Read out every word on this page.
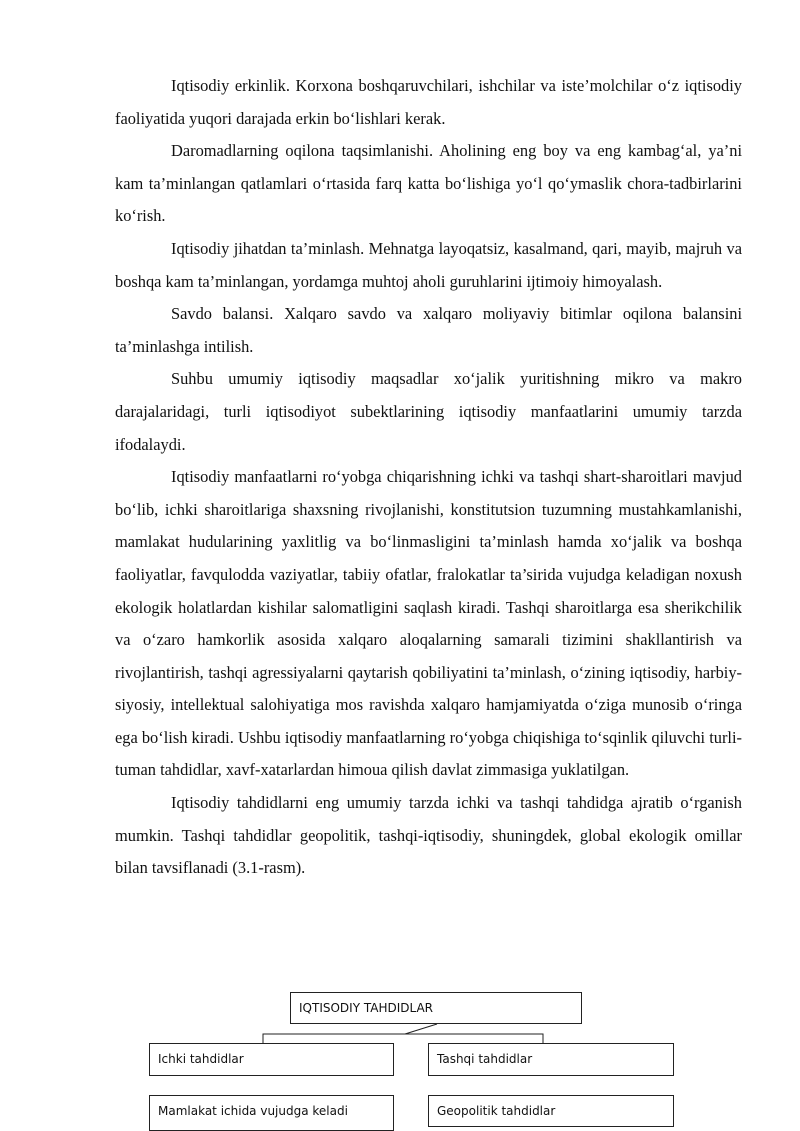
Iqtisodiy erkinlik. Korxona boshqaruvchilari, ishchilar va iste’molchilar o‘z iqtisodiy faoliyatida yuqori darajada erkin bo‘lishlari kerak.

Daromadlarning oqilona taqsimlanishi. Aholining eng boy va eng kambag‘al, ya’ni kam ta’minlangan qatlamlari o‘rtasida farq katta bo‘lishiga yo‘l qo‘ymaslik chora-tadbirlarini ko‘rish.

Iqtisodiy jihatdan ta’minlash. Mehnatga layoqatsiz, kasalmand, qari, mayib, majruh va boshqa kam ta’minlangan, yordamga muhtoj aholi guruhlarini ijtimoiy himoyalash.

Savdo balansi. Xalqaro savdo va xalqaro moliyaviy bitimlar oqilona balansini ta’minlashga intilish.

Suhbu umumiy iqtisodiy maqsadlar xo‘jalik yuritishning mikro va makro darajalaridagi, turli iqtisodiyot subektlarining iqtisodiy manfaatlarini umumiy tarzda ifodalaydi.

Iqtisodiy manfaatlarni ro‘yobga chiqarishning ichki va tashqi shart-sharoitlari mavjud bo‘lib, ichki sharoitlariga shaxsning rivojlanishi, konstitutsion tuzumning mustahkamlanishi, mamlakat hudularining yaxlitlig va bo‘linmasligini ta’minlash hamda xo‘jalik va boshqa faoliyatlar, favqulodda vaziyatlar, tabiiy ofatlar, fralokatlar ta’sirida vujudga keladigan noxush ekologik holatlardan kishilar salomatligini saqlash kiradi. Tashqi sharoitlarga esa sherikchilik va o‘zaro hamkorlik asosida xalqaro aloqalarning samarali tizimini shakllantirish va rivojlantirish, tashqi agressiyalarni qaytarish qobiliyatini ta’minlash, o‘zining iqtisodiy, harbiy-siyosiy, intellektual salohiyatiga mos ravishda xalqaro hamjamiyatda o‘ziga munosib o‘ringa ega bo‘lish kiradi. Ushbu iqtisodiy manfaatlarning ro‘yobga chiqishiga to‘sqinlik qiluvchi turli-tuman tahdidlar, xavf-xatarlardan himoua qilish davlat zimmasiga yuklatilgan.

Iqtisodiy tahdidlarni eng umumiy tarzda ichki va tashqi tahdidga ajratib o‘rganish mumkin. Tashqi tahdidlar geopolitik, tashqi-iqtisodiy, shuningdek, global ekologik omillar bilan tavsiflanadi (3.1-rasm).

IQTISODIY TAHDIDLAR
Ichki tahdidlar	Tashqi tahdidlar
Mamlakat ichida vujudga keladi	Geopolitik tahdidlar
